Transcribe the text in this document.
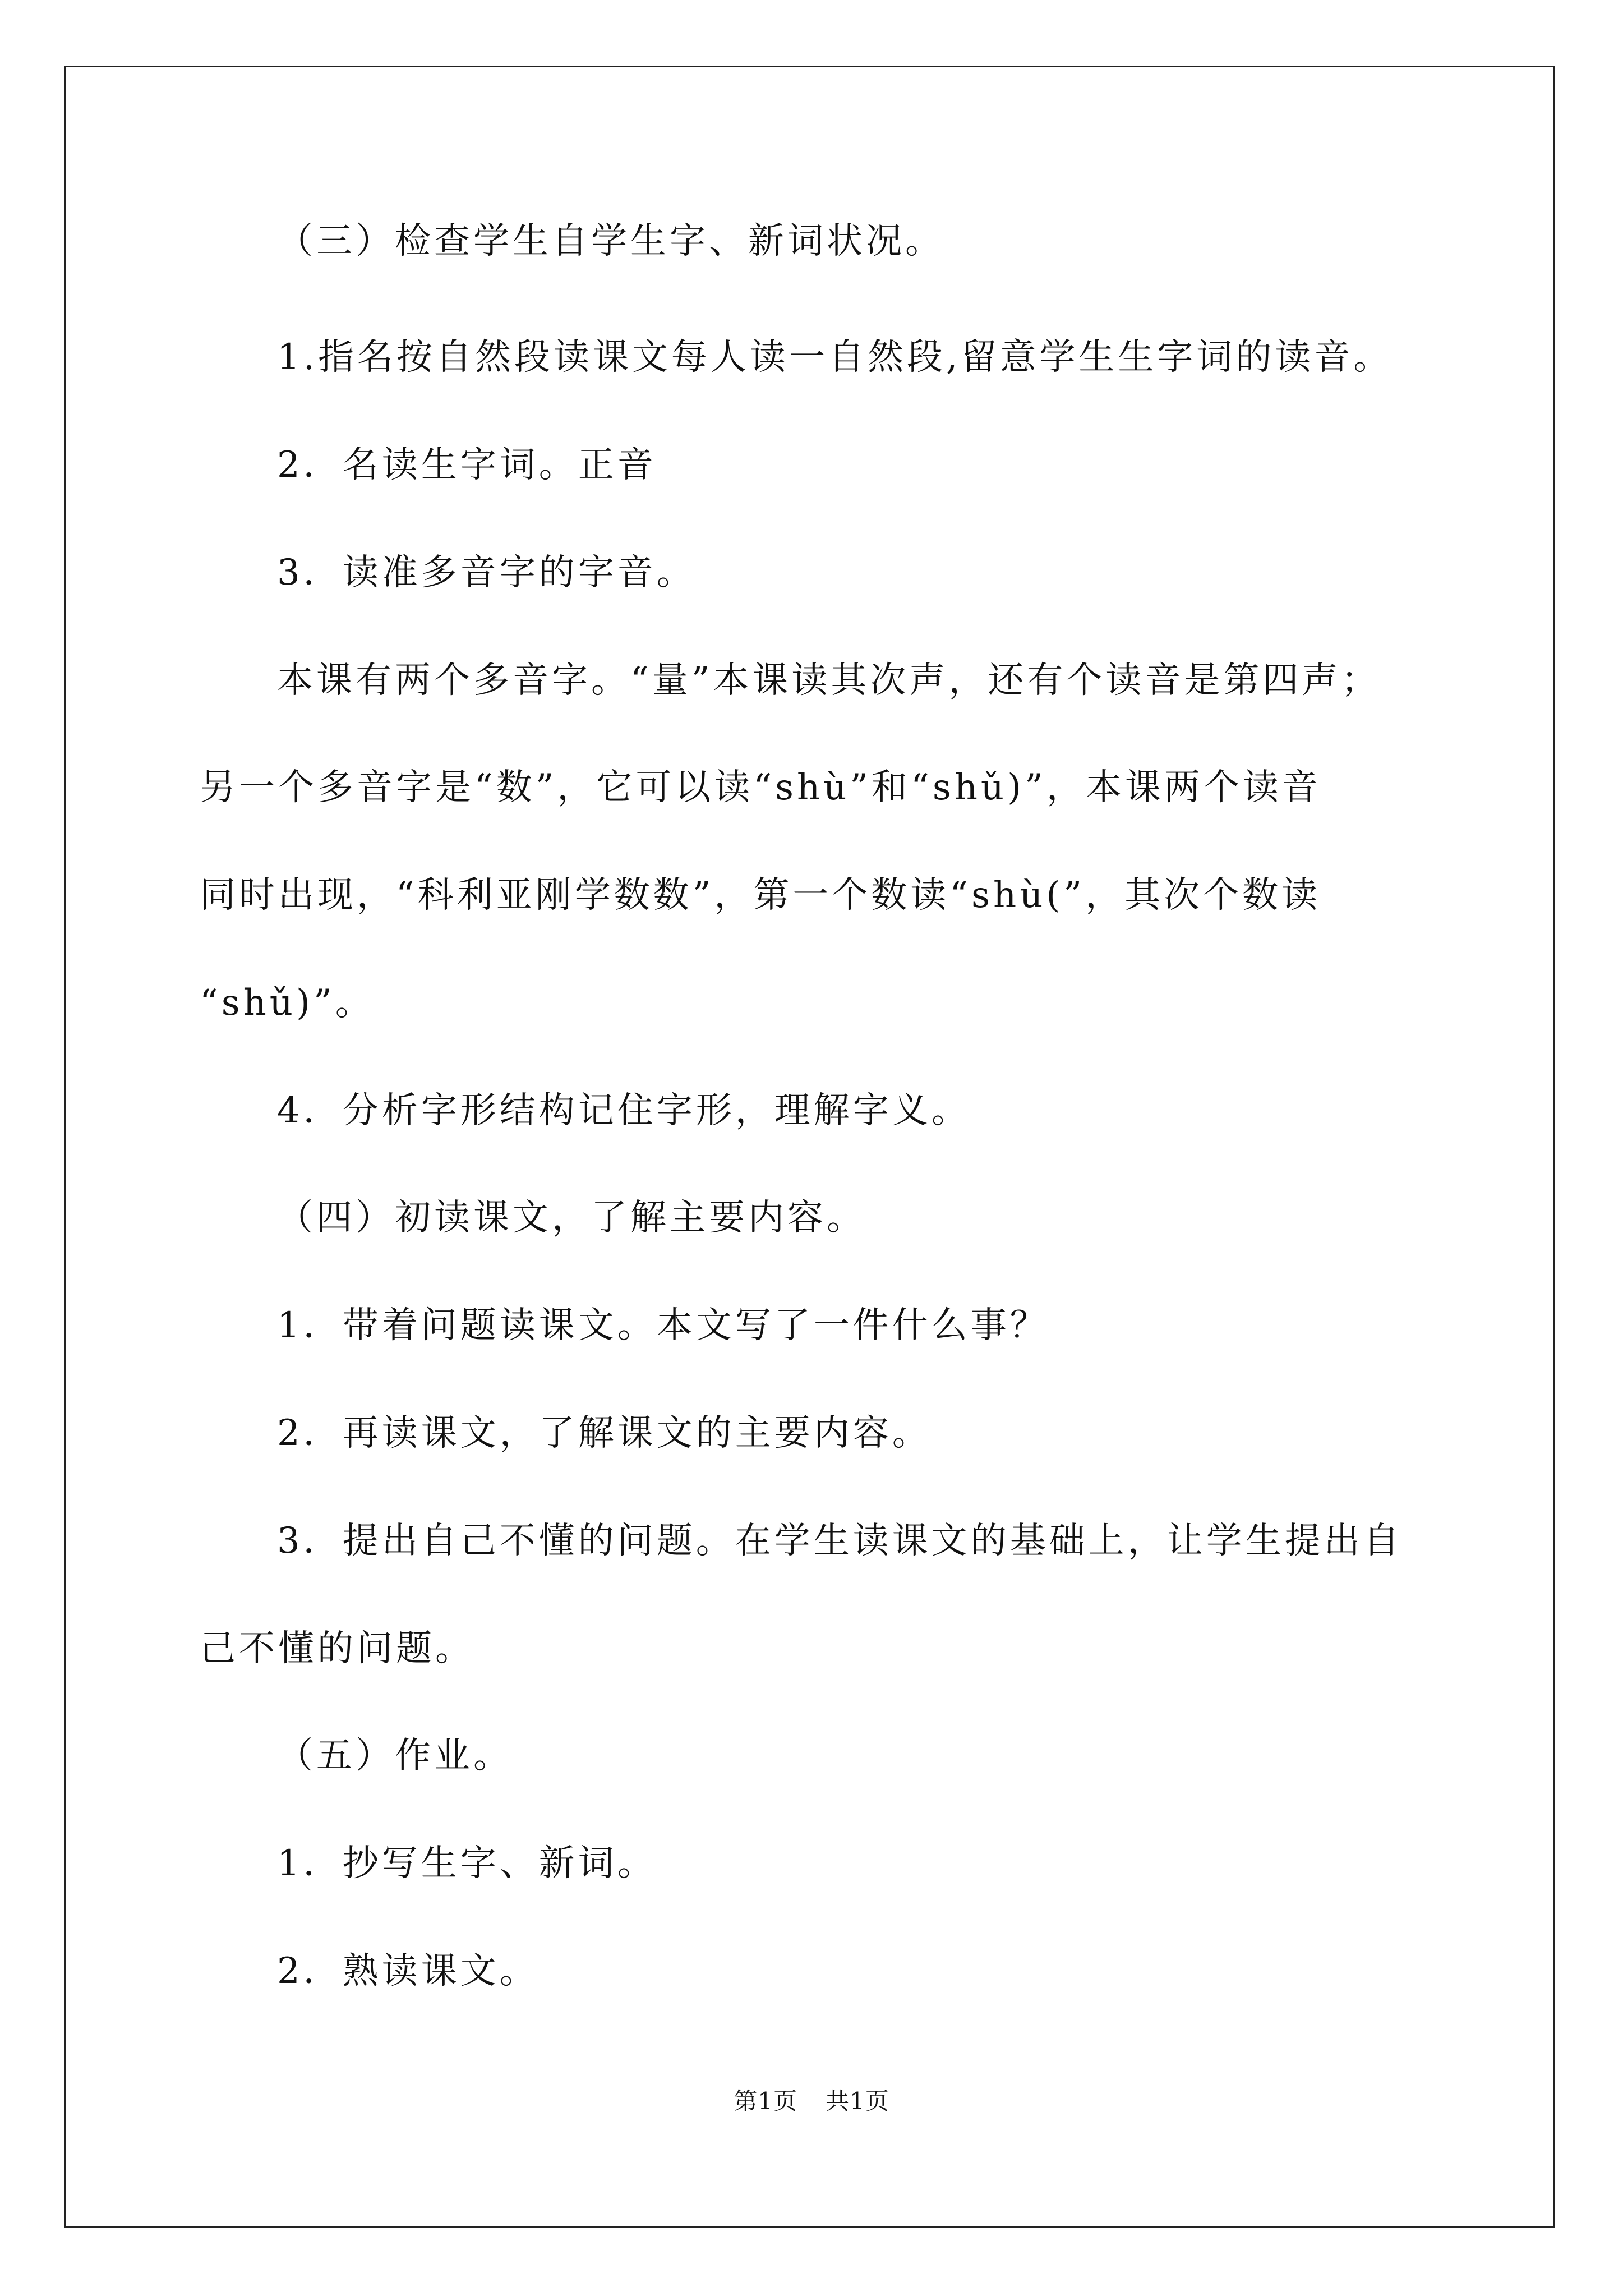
（三）检查学生自学生字、新词状况。
1.指名按自然段读课文每人读一自然段,留意学生生字词的读音。
2．名读生字词。正音
3．读准多音字的字音。
本课有两个多音字。“量”本课读其次声，还有个读音是第四声；
另一个多音字是“数”，它可以读“shù”和“shǔ)”，本课两个读音
同时出现，“科利亚刚学数数”，第一个数读“shù(”，其次个数读
“shǔ)”。
4．分析字形结构记住字形，理解字义。
（四）初读课文，了解主要内容。
1．带着问题读课文。本文写了一件什么事？
2．再读课文，了解课文的主要内容。
3．提出自己不懂的问题。在学生读课文的基础上，让学生提出自
己不懂的问题。
（五）作业。
1．抄写生字、新词。
2．熟读课文。
第1页 共1页
